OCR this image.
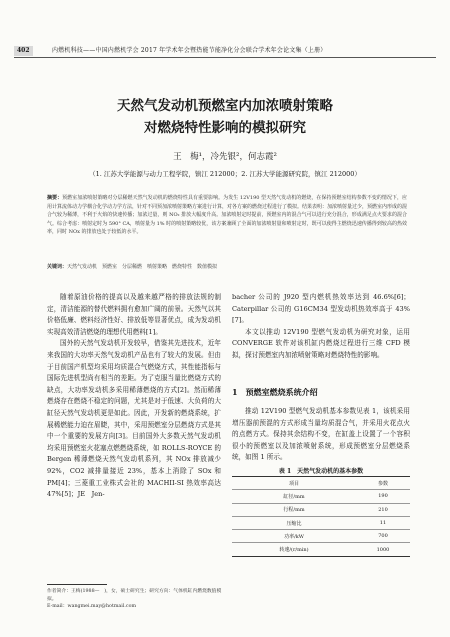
402	内燃机科技——中国内燃机学会 2017 年学术年会暨热能节能净化分会联合学术年会论文集（上册）
天然气发动机预燃室内加浓喷射策略
对燃烧特性影响的模拟研究
王　梅¹，冷先银²，何志霞²
（1. 江苏大学能源与动力工程学院，镇江 212000；2. 江苏大学能源研究院，镇江 212000）
摘要：预燃室加浓喷射策略对分层稀燃天然气发动机的燃烧特性具有重要影响。为发生 12V190 型天然气发动机的燃烧，在保持预燃室结构参数不变的情况下，应用计算流体动力学耦合化学动力学方法，针对不同预加浓喷射策略方案进行计算，对各方案的燃烧过程进行了模拟。结果表明：加浓喷射量过少，预燃室内形成的混合气较为稀薄，不利于火焰的快速传播；加浓过量，则 NO₂ 排放大幅度升高。加浓喷射定时提前，预燃室内的混合气可以进行充分混合，形成满足点火要求的混合气。综合考虑：喷射定时为 590° CA，喷射量为 1% 时的喷射策略较优，该方案兼顾了全面的加浓喷射量和喷射定时，既可以使得主燃烧迅速传播得到较高的热效率，同时 NOx 的排放也处于较低的水平。
关键词：天然气发动机　预燃室　分层稀燃　喷射策略　燃烧特性　数值模拟

随着原油价格的提高以及越来越严格的排放法规的制定，清洁能源的替代燃料拥有愈加广阔的前景。天然气以其价格低廉、燃料经济性好、排放低等显著优点，成为发动机实现高效清洁燃烧的理想代用燃料[1]。

国外的天然气发动机开发较早，借鉴其先进技术，近年来我国的大功率天然气发动机产品也有了较大的发展。但由于目前国产机型均采用均质混合气燃烧方式，其性能指标与国际先进机型尚有相当的差距。为了克服当量比燃烧方式的缺点，大功率发动机多采用稀薄燃烧的方式[2]。然而稀薄燃烧存在燃烧不稳定的问题，尤其是对于低速、大负荷的大缸径天然气发动机更是如此。因此，开发新的燃烧系统，扩展稀燃能力迫在眉睫，其中，采用预燃室分层燃烧方式是其中一个重要的发展方向[3]。目前国外大多数天然气发动机均采用预燃室火花塞点燃燃烧系统，如 ROLLS-ROYCE 的 Bergen 稀薄燃烧天然气发动机系列，其 NOx 排放减少 92%，CO2 减排量接近 23%，基本上消除了 SOx 和 PM[4]；三菱重工业株式会社的 MACHII-SI 热效率高达 47%[5]；JE　Jen-

bacher 公司的 J920 型内燃机热效率达到 46.6%[6]；Caterpillar 公司的 G16CM34 型发动机热效率高于 43%[7]。

本文以推动 12V190 型燃气发动机为研究对象，运用 CONVERGE 软件对该机缸内燃烧过程进行三维 CFD 模拟，探讨预燃室内加浓喷射策略对燃烧特性的影响。

1　预燃室燃烧系统介绍

推动 12V190 型燃气发动机基本参数见表 1，该机采用增压器前预混的方式形成当量均质混合气，并采用火花点火的点燃方式。保持其余结构不变，在缸盖上设置了一个容积很小的预燃室以及加浓喷射系统，形成预燃室分层燃烧系统，如图 1 所示。

表 1　天然气发动机的基本参数
项目	参数
缸径/mm	190
行程/mm	210
压缩比	11
功率/kW	700
转速/(r/min)	1000
作者简介：王梅(1988—　)，女，硕士研究生；研究方向：气体机缸内燃烧数值模拟。
E-mail：wangmei.may@hotmail.com
